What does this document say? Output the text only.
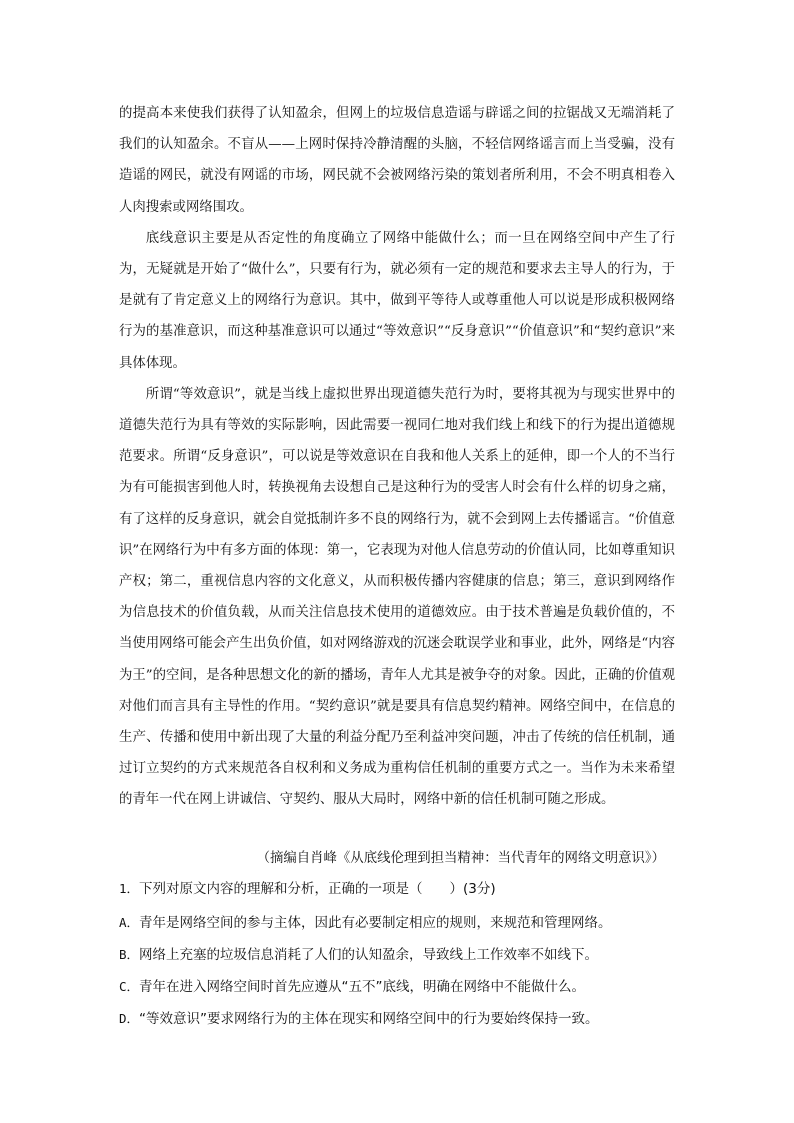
的提高本来使我们获得了认知盈余，但网上的垃圾信息造谣与辟谣之间的拉锯战又无端消耗了我们的认知盈余。不盲从——上网时保持冷静清醒的头脑，不轻信网络谣言而上当受骗，没有造谣的网民，就没有网谣的市场，网民就不会被网络污染的策划者所利用，不会不明真相卷入人肉搜索或网络围攻。

底线意识主要是从否定性的角度确立了网络中能做什么；而一旦在网络空间中产生了行为，无疑就是开始了“做什么”，只要有行为，就必须有一定的规范和要求去主导人的行为，于是就有了肯定意义上的网络行为意识。其中，做到平等待人或尊重他人可以说是形成积极网络行为的基准意识，而这种基准意识可以通过“等效意识”“反身意识”“价值意识”和“契约意识”来具体体现。

所谓“等效意识”，就是当线上虚拟世界出现道德失范行为时，要将其视为与现实世界中的道德失范行为具有等效的实际影响，因此需要一视同仁地对我们线上和线下的行为提出道德规范要求。所谓“反身意识”，可以说是等效意识在自我和他人关系上的延伸，即一个人的不当行为有可能损害到他人时，转换视角去设想自己是这种行为的受害人时会有什么样的切身之痛，有了这样的反身意识，就会自觉抵制许多不良的网络行为，就不会到网上去传播谣言。“价值意识”在网络行为中有多方面的体现：第一，它表现为对他人信息劳动的价值认同，比如尊重知识产权；第二，重视信息内容的文化意义，从而积极传播内容健康的信息；第三，意识到网络作为信息技术的价值负载，从而关注信息技术使用的道德效应。由于技术普遍是负载价值的，不当使用网络可能会产生出负价值，如对网络游戏的沉迷会耽误学业和事业，此外，网络是“内容为王”的空间，是各种思想文化的新的播场，青年人尤其是被争夺的对象。因此，正确的价值观对他们而言具有主导性的作用。“契约意识”就是要具有信息契约精神。网络空间中，在信息的生产、传播和使用中新出现了大量的利益分配乃至利益冲突问题，冲击了传统的信任机制，通过订立契约的方式来规范各自权利和义务成为重构信任机制的重要方式之一。当作为未来希望的青年一代在网上讲诚信、守契约、服从大局时，网络中新的信任机制可随之形成。

（摘编自肖峰《从底线伦理到担当精神：当代青年的网络文明意识》）

1．下列对原文内容的理解和分析，正确的一项是（　　）(3分)

A．青年是网络空间的参与主体，因此有必要制定相应的规则，来规范和管理网络。

B．网络上充塞的垃圾信息消耗了人们的认知盈余，导致线上工作效率不如线下。

C．青年在进入网络空间时首先应遵从“五不”底线，明确在网络中不能做什么。

D．“等效意识”要求网络行为的主体在现实和网络空间中的行为要始终保持一致。
